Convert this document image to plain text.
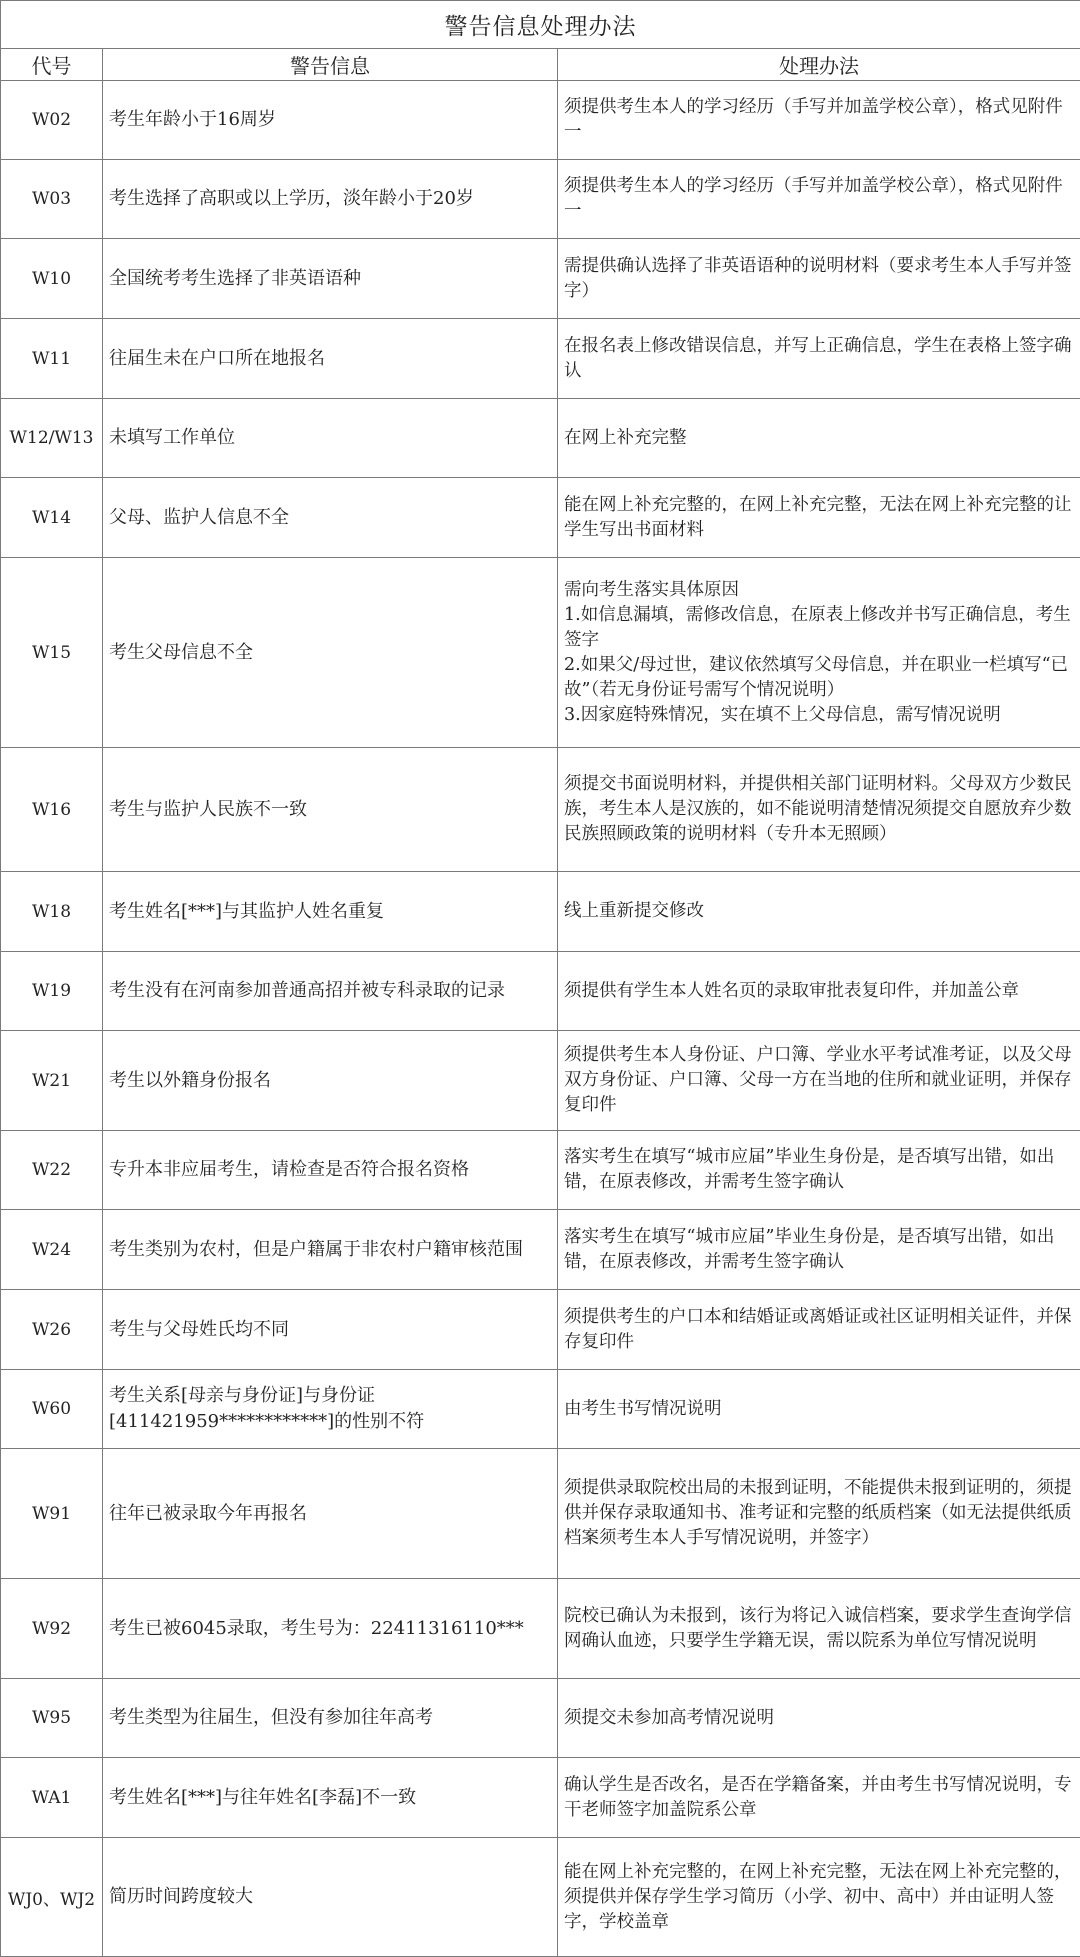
警告信息处理办法		
代号	警告信息	处理办法
W02	考生年龄小于16周岁	须提供考生本人的学习经历（手写并加盖学校公章），格式见附件一

W03	考生选择了高职或以上学历，淡年龄小于20岁	须提供考生本人的学习经历（手写并加盖学校公章），格式见附件一

W10	全国统考考生选择了非英语语种	需提供确认选择了非英语语种的说明材料（要求考生本人手写并签字）

W11	往届生未在户口所在地报名	在报名表上修改错误信息，并写上正确信息，学生在表格上签字确认

W12/W13	未填写工作单位	在网上补充完整

W14	父母、监护人信息不全	能在网上补充完整的，在网上补充完整，无法在网上补充完整的让学生写出书面材料

W15	考生父母信息不全	需向考生落实具体原因
1.如信息漏填，需修改信息，在原表上修改并书写正确信息，考生签字
2.如果父/母过世，建议依然填写父母信息，并在职业一栏填写“已故”（若无身份证号需写个情况说明）
3.因家庭特殊情况，实在填不上父母信息，需写情况说明

W16	考生与监护人民族不一致	须提交书面说明材料，并提供相关部门证明材料。父母双方少数民族，考生本人是汉族的，如不能说明清楚情况须提交自愿放弃少数民族照顾政策的说明材料（专升本无照顾）

W18	考生姓名[***]与其监护人姓名重复	线上重新提交修改

W19	考生没有在河南参加普通高招并被专科录取的记录	须提供有学生本人姓名页的录取审批表复印件，并加盖公章

W21	考生以外籍身份报名	须提供考生本人身份证、户口簿、学业水平考试准考证，以及父母双方身份证、户口簿、父母一方在当地的住所和就业证明，并保存复印件

W22	专升本非应届考生，请检查是否符合报名资格	落实考生在填写“城市应届”毕业生身份是，是否填写出错，如出错，在原表修改，并需考生签字确认

W24	考生类别为农村，但是户籍属于非农村户籍审核范围	落实考生在填写“城市应届”毕业生身份是，是否填写出错，如出错，在原表修改，并需考生签字确认

W26	考生与父母姓氏均不同	须提供考生的户口本和结婚证或离婚证或社区证明相关证件，并保存复印件

W60	考生关系[母亲与身份证]与身份证[411421959************]的性别不符	由考生书写情况说明

W91	往年已被录取今年再报名	须提供录取院校出局的未报到证明，不能提供未报到证明的，须提供并保存录取通知书、准考证和完整的纸质档案（如无法提供纸质档案须考生本人手写情况说明，并签字）

W92	考生已被6045录取，考生号为：22411316110***	院校已确认为未报到，该行为将记入诚信档案，要求学生查询学信网确认血迹，只要学生学籍无误，需以院系为单位写情况说明

W95	考生类型为往届生，但没有参加往年高考	须提交未参加高考情况说明

WA1	考生姓名[***]与往年姓名[李磊]不一致	确认学生是否改名，是否在学籍备案，并由考生书写情况说明，专干老师签字加盖院系公章

WJ0、WJ2	简历时间跨度较大	能在网上补充完整的，在网上补充完整，无法在网上补充完整的，须提供并保存学生学习简历（小学、初中、高中）并由证明人签字，学校盖章
